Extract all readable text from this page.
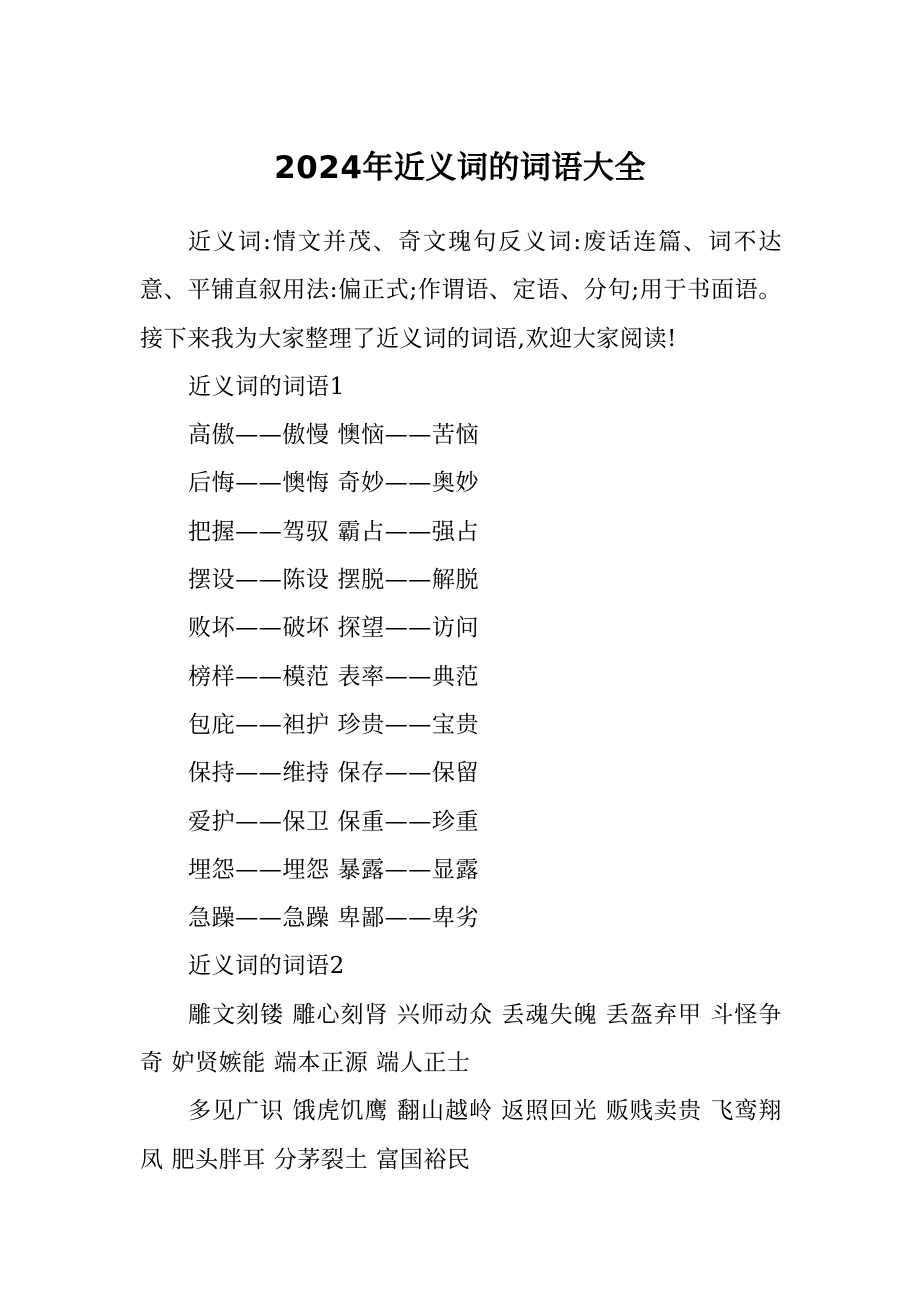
2024年近义词的词语大全

近义词:情文并茂、奇文瑰句反义词:废话连篇、词不达意、平铺直叙用法:偏正式;作谓语、定语、分句;用于书面语。 接下来我为大家整理了近义词的词语,欢迎大家阅读!

近义词的词语1

高傲——傲慢 懊恼——苦恼

后悔——懊悔 奇妙——奥妙

把握——驾驭 霸占——强占

摆设——陈设 摆脱——解脱

败坏——破坏 探望——访问

榜样——模范 表率——典范

包庇——袒护 珍贵——宝贵

保持——维持 保存——保留

爱护——保卫 保重——珍重

埋怨——埋怨 暴露——显露

急躁——急躁 卑鄙——卑劣

近义词的词语2

雕文刻镂 雕心刻肾 兴师动众 丢魂失魄 丢盔弃甲 斗怪争奇 妒贤嫉能 端本正源 端人正士

多见广识 饿虎饥鹰 翻山越岭 返照回光 贩贱卖贵 飞鸾翔凤 肥头胖耳 分茅裂土 富国裕民
